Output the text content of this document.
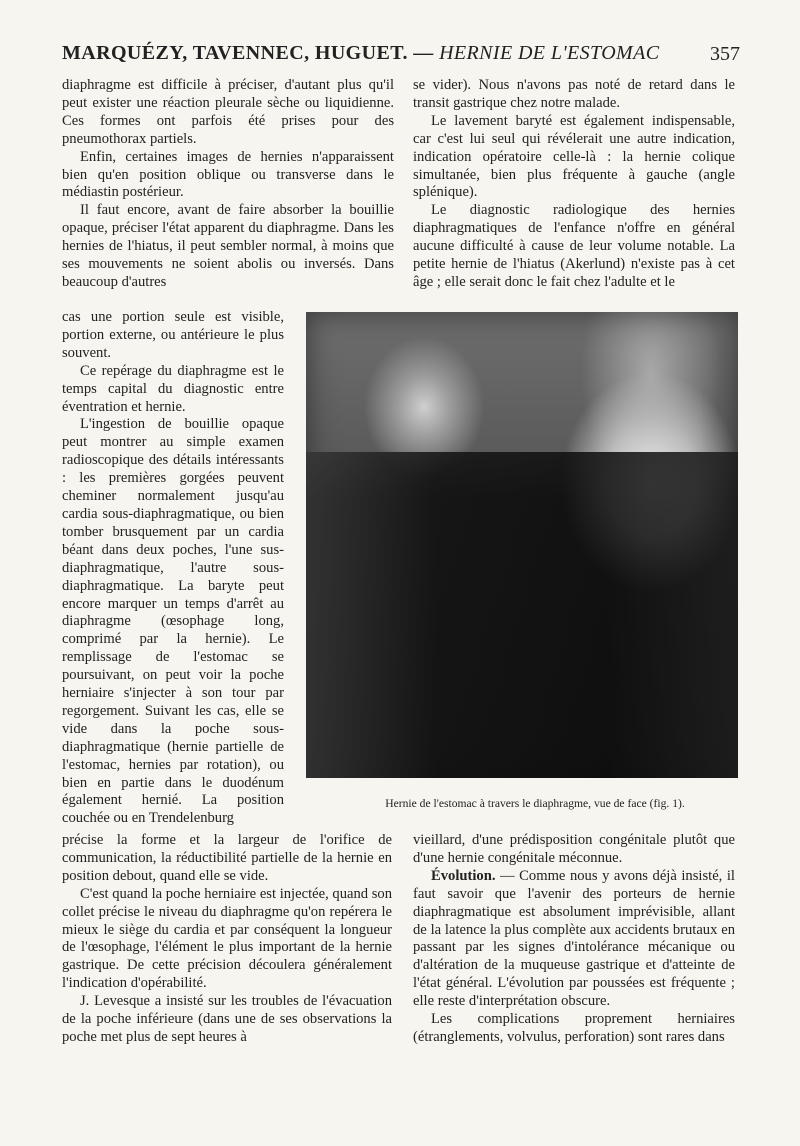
MARQUÉZY, TAVENNEC, HUGUET. — HERNIE DE L'ESTOMAC	357

diaphragme est difficile à préciser, d'autant plus qu'il peut exister une réaction pleurale sèche ou liquidienne. Ces formes ont parfois été prises pour des pneumothorax partiels.

Enfin, certaines images de hernies n'apparaissent bien qu'en position oblique ou transverse dans le médiastin postérieur.

Il faut encore, avant de faire absorber la bouillie opaque, préciser l'état apparent du diaphragme. Dans les hernies de l'hiatus, il peut sembler normal, à moins que ses mouvements ne soient abolis ou inversés. Dans beaucoup d'autres

cas une portion seule est visible, portion externe, ou antérieure le plus souvent.

Ce repérage du diaphragme est le temps capital du diagnostic entre éventration et hernie.

L'ingestion de bouillie opaque peut montrer au simple examen radioscopique des détails intéressants : les premières gorgées peuvent cheminer normalement jusqu'au cardia sous-diaphragmatique, ou bien tomber brusquement par un cardia béant dans deux poches, l'une sus-diaphragmatique, l'autre sous-diaphragmatique. La baryte peut encore marquer un temps d'arrêt au diaphragme (œsophage long, comprimé par la hernie). Le remplissage de l'estomac se poursuivant, on peut voir la poche herniaire s'injecter à son tour par regorgement. Suivant les cas, elle se vide dans la poche sous-diaphragmatique (hernie partielle de l'estomac, hernies par rotation), ou bien en partie dans le duodénum également hernié. La position couchée ou en Trendelenburg

précise la forme et la largeur de l'orifice de communication, la réductibilité partielle de la hernie en position debout, quand elle se vide.

C'est quand la poche herniaire est injectée, quand son collet précise le niveau du diaphragme qu'on repérera le mieux le siège du cardia et par conséquent la longueur de l'œsophage, l'élément le plus important de la hernie gastrique. De cette précision découlera généralement l'indication d'opérabilité.

J. Levesque a insisté sur les troubles de l'évacuation de la poche inférieure (dans une de ses observations la poche met plus de sept heures à

se vider). Nous n'avons pas noté de retard dans le transit gastrique chez notre malade.

Le lavement baryté est également indispensable, car c'est lui seul qui révélerait une autre indication, indication opératoire celle-là : la hernie colique simultanée, bien plus fréquente à gauche (angle splénique).

Le diagnostic radiologique des hernies diaphragmatiques de l'enfance n'offre en général aucune difficulté à cause de leur volume notable. La petite hernie de l'hiatus (Akerlund) n'existe pas à cet âge ; elle serait donc le fait chez l'adulte et le

Hernie de l'estomac à travers le diaphragme, vue de face (fig. 1).

vieillard, d'une prédisposition congénitale plutôt que d'une hernie congénitale méconnue.

Évolution. — Comme nous y avons déjà insisté, il faut savoir que l'avenir des porteurs de hernie diaphragmatique est absolument imprévisible, allant de la latence la plus complète aux accidents brutaux en passant par les signes d'intolérance mécanique ou d'altération de la muqueuse gastrique et d'atteinte de l'état général. L'évolution par poussées est fréquente ; elle reste d'interprétation obscure.

Les complications proprement herniaires (étranglements, volvulus, perforation) sont rares dans
